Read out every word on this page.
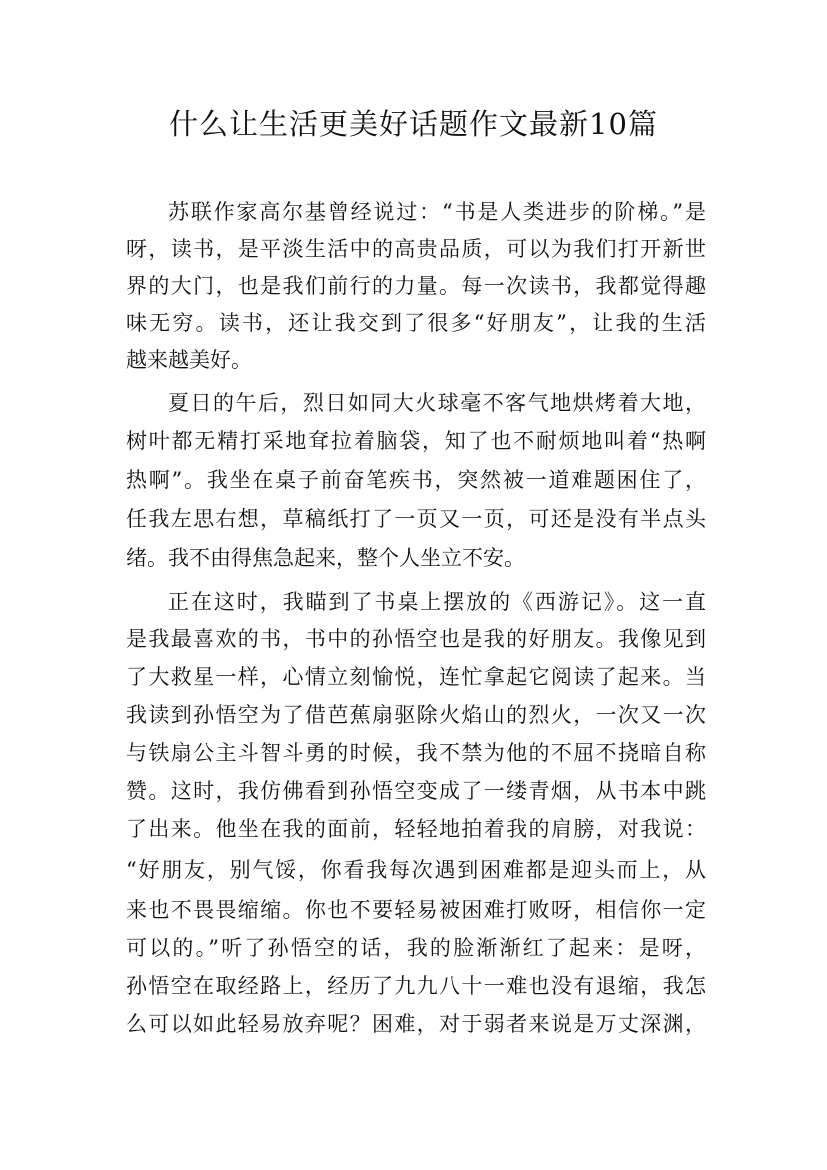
什么让生活更美好话题作文最新10篇

苏联作家高尔基曾经说过：“书是人类进步的阶梯。”是

呀，读书，是平淡生活中的高贵品质，可以为我们打开新世

界的大门，也是我们前行的力量。每一次读书，我都觉得趣

味无穷。读书，还让我交到了很多“好朋友”，让我的生活

越来越美好。

夏日的午后，烈日如同大火球毫不客气地烘烤着大地，

树叶都无精打采地耷拉着脑袋，知了也不耐烦地叫着“热啊

热啊”。我坐在桌子前奋笔疾书，突然被一道难题困住了，

任我左思右想，草稿纸打了一页又一页，可还是没有半点头

绪。我不由得焦急起来，整个人坐立不安。

正在这时，我瞄到了书桌上摆放的《西游记》。这一直

是我最喜欢的书，书中的孙悟空也是我的好朋友。我像见到

了大救星一样，心情立刻愉悦，连忙拿起它阅读了起来。当

我读到孙悟空为了借芭蕉扇驱除火焰山的烈火，一次又一次

与铁扇公主斗智斗勇的时候，我不禁为他的不屈不挠暗自称

赞。这时，我仿佛看到孙悟空变成了一缕青烟，从书本中跳

了出来。他坐在我的面前，轻轻地拍着我的肩膀，对我说：

“好朋友，别气馁，你看我每次遇到困难都是迎头而上，从

来也不畏畏缩缩。你也不要轻易被困难打败呀，相信你一定

可以的。”听了孙悟空的话，我的脸渐渐红了起来：是呀，

孙悟空在取经路上，经历了九九八十一难也没有退缩，我怎

么可以如此轻易放弃呢？困难，对于弱者来说是万丈深渊，
